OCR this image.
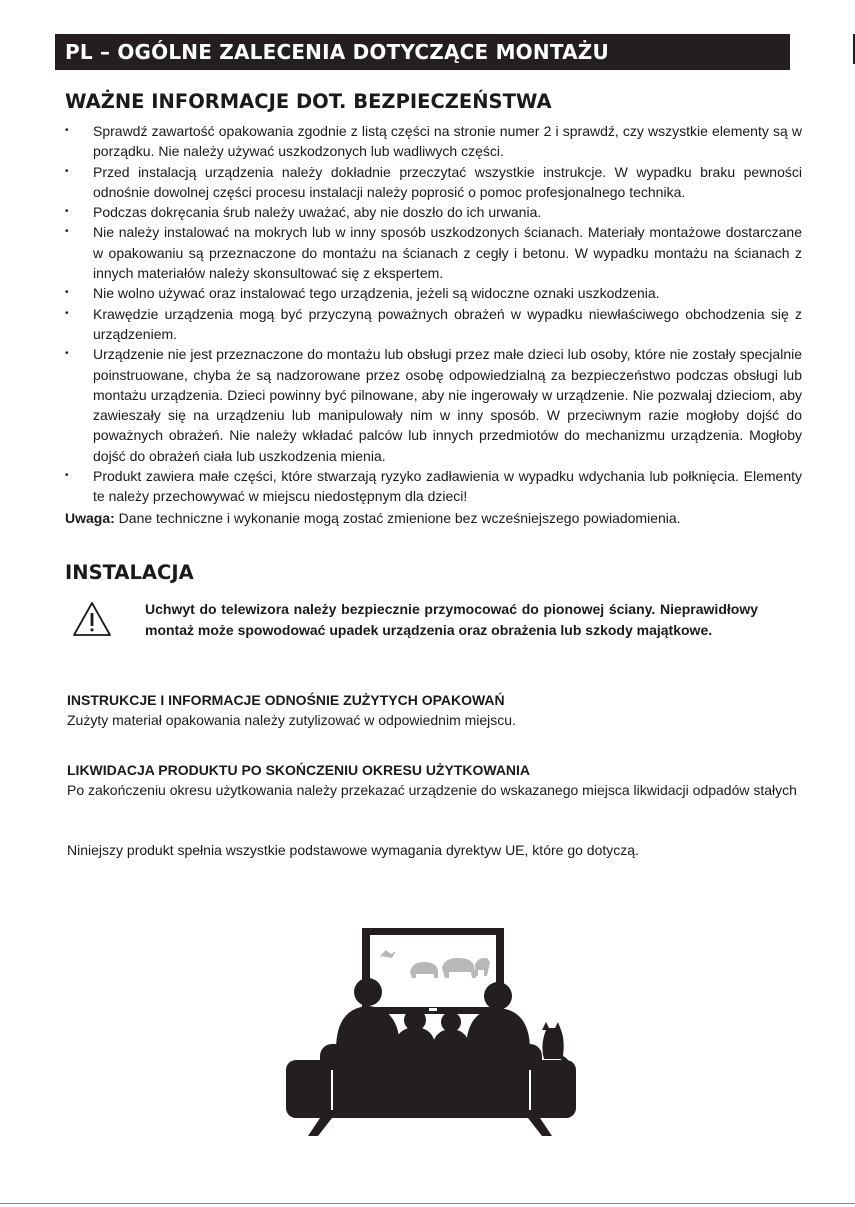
PL – OGÓLNE ZALECENIA DOTYCZĄCE MONTAŻU
WAŻNE INFORMACJE DOT. BEZPIECZEŃSTWA
• Sprawdź zawartość opakowania zgodnie z listą części na stronie numer 2 i sprawdź, czy wszystkie elementy są w porządku. Nie należy używać uszkodzonych lub wadliwych części.
• Przed instalacją urządzenia należy dokładnie przeczytać wszystkie instrukcje. W wypadku braku pewności odnośnie dowolnej części procesu instalacji należy poprosić o pomoc profesjonalnego technika.
• Podczas dokręcania śrub należy uważać, aby nie doszło do ich urwania.
• Nie należy instalować na mokrych lub w inny sposób uszkodzonych ścianach. Materiały montażowe dostarczane w opakowaniu są przeznaczone do montażu na ścianach z cegły i betonu. W wypadku montażu na ścianach z innych materiałów należy skonsultować się z ekspertem.
• Nie wolno używać oraz instalować tego urządzenia, jeżeli są widoczne oznaki uszkodzenia.
• Krawędzie urządzenia mogą być przyczyną poważnych obrażeń w wypadku niewłaściwego obchodzenia się z urządzeniem.
• Urządzenie nie jest przeznaczone do montażu lub obsługi przez małe dzieci lub osoby, które nie zostały specjalnie poinstruowane, chyba że są nadzorowane przez osobę odpowiedzialną za bezpieczeństwo podczas obsługi lub montażu urządzenia. Dzieci powinny być pilnowane, aby nie ingerowały w urządzenie. Nie pozwalaj dzieciom, aby zawieszały się na urządzeniu lub manipulowały nim w inny sposób. W przeciwnym razie mogłoby dojść do poważnych obrażeń. Nie należy wkładać palców lub innych przedmiotów do mechanizmu urządzenia. Mogłoby dojść do obrażeń ciała lub uszkodzenia mienia.
• Produkt zawiera małe części, które stwarzają ryzyko zadławienia w wypadku wdychania lub połknięcia. Elementy te należy przechowywać w miejscu niedostępnym dla dzieci!
Uwaga: Dane techniczne i wykonanie mogą zostać zmienione bez wcześniejszego powiadomienia.
INSTALACJA
Uchwyt do telewizora należy bezpiecznie przymocować do pionowej ściany. Nieprawidłowy montaż może spowodować upadek urządzenia oraz obrażenia lub szkody majątkowe.
INSTRUKCJE I INFORMACJE ODNOŚNIE ZUŻYTYCH OPAKOWAŃ
Zużyty materiał opakowania należy zutylizować w odpowiednim miejscu.
LIKWIDACJA PRODUKTU PO SKOŃCZENIU OKRESU UŻYTKOWANIA
Po zakończeniu okresu użytkowania należy przekazać urządzenie do wskazanego miejsca likwidacji odpadów stałych
Niniejszy produkt spełnia wszystkie podstawowe wymagania dyrektyw UE, które go dotyczą.
